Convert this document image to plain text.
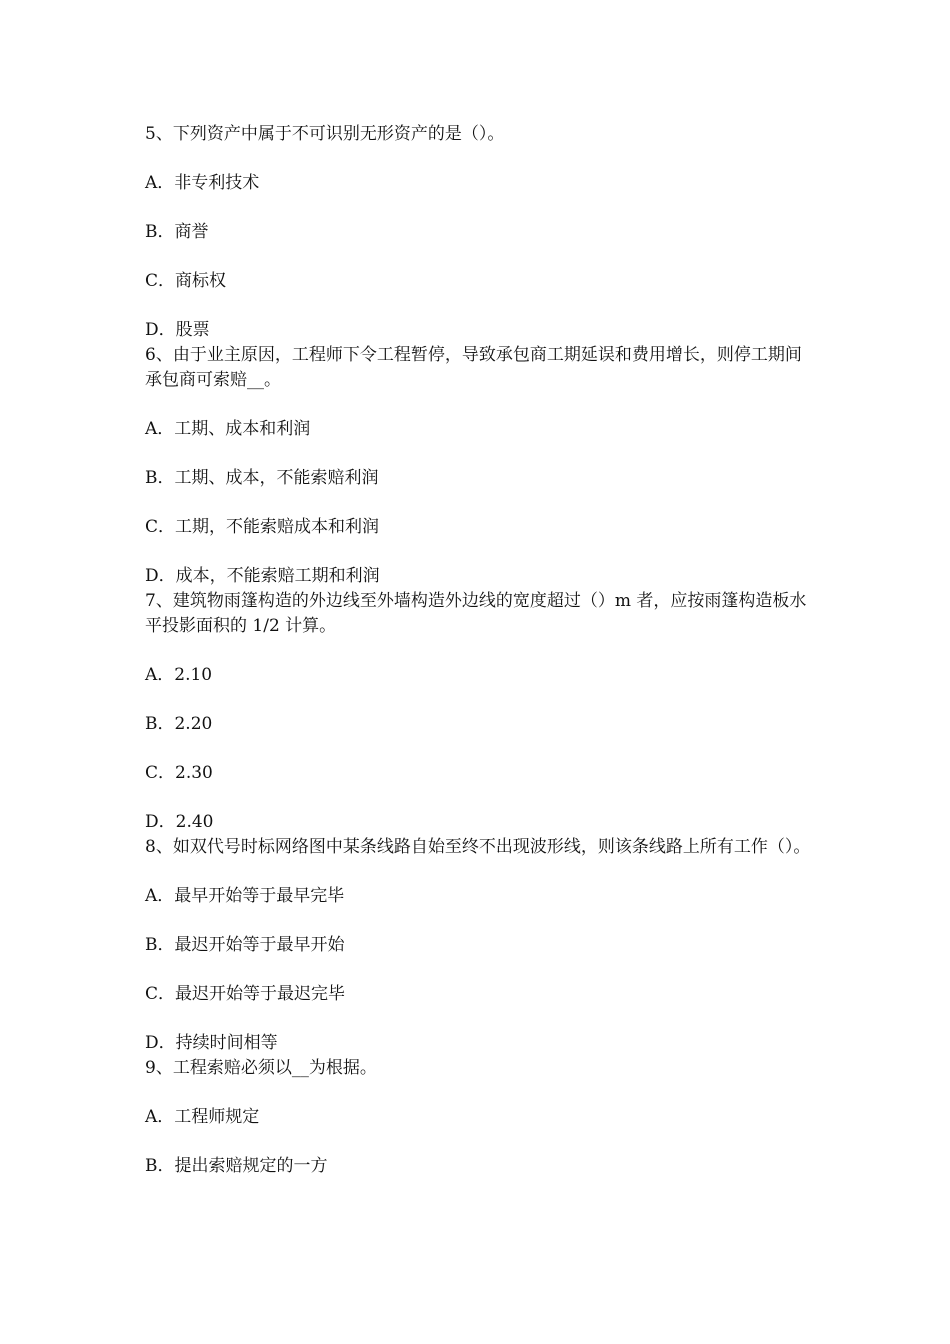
5、下列资产中属于不可识别无形资产的是（）。

A．非专利技术

B．商誉

C．商标权

D．股票

6、由于业主原因，工程师下令工程暂停，导致承包商工期延误和费用增长，则停工期间承包商可索赔__。

A．工期、成本和利润

B．工期、成本，不能索赔利润

C．工期，不能索赔成本和利润

D．成本，不能索赔工期和利润

7、建筑物雨篷构造的外边线至外墙构造外边线的宽度超过（）m 者，应按雨篷构造板水平投影面积的 1/2 计算。

A．2.10

B．2.20

C．2.30

D．2.40

8、如双代号时标网络图中某条线路自始至终不出现波形线，则该条线路上所有工作（）。

A．最早开始等于最早完毕

B．最迟开始等于最早开始

C．最迟开始等于最迟完毕

D．持续时间相等

9、工程索赔必须以__为根据。

A．工程师规定

B．提出索赔规定的一方
